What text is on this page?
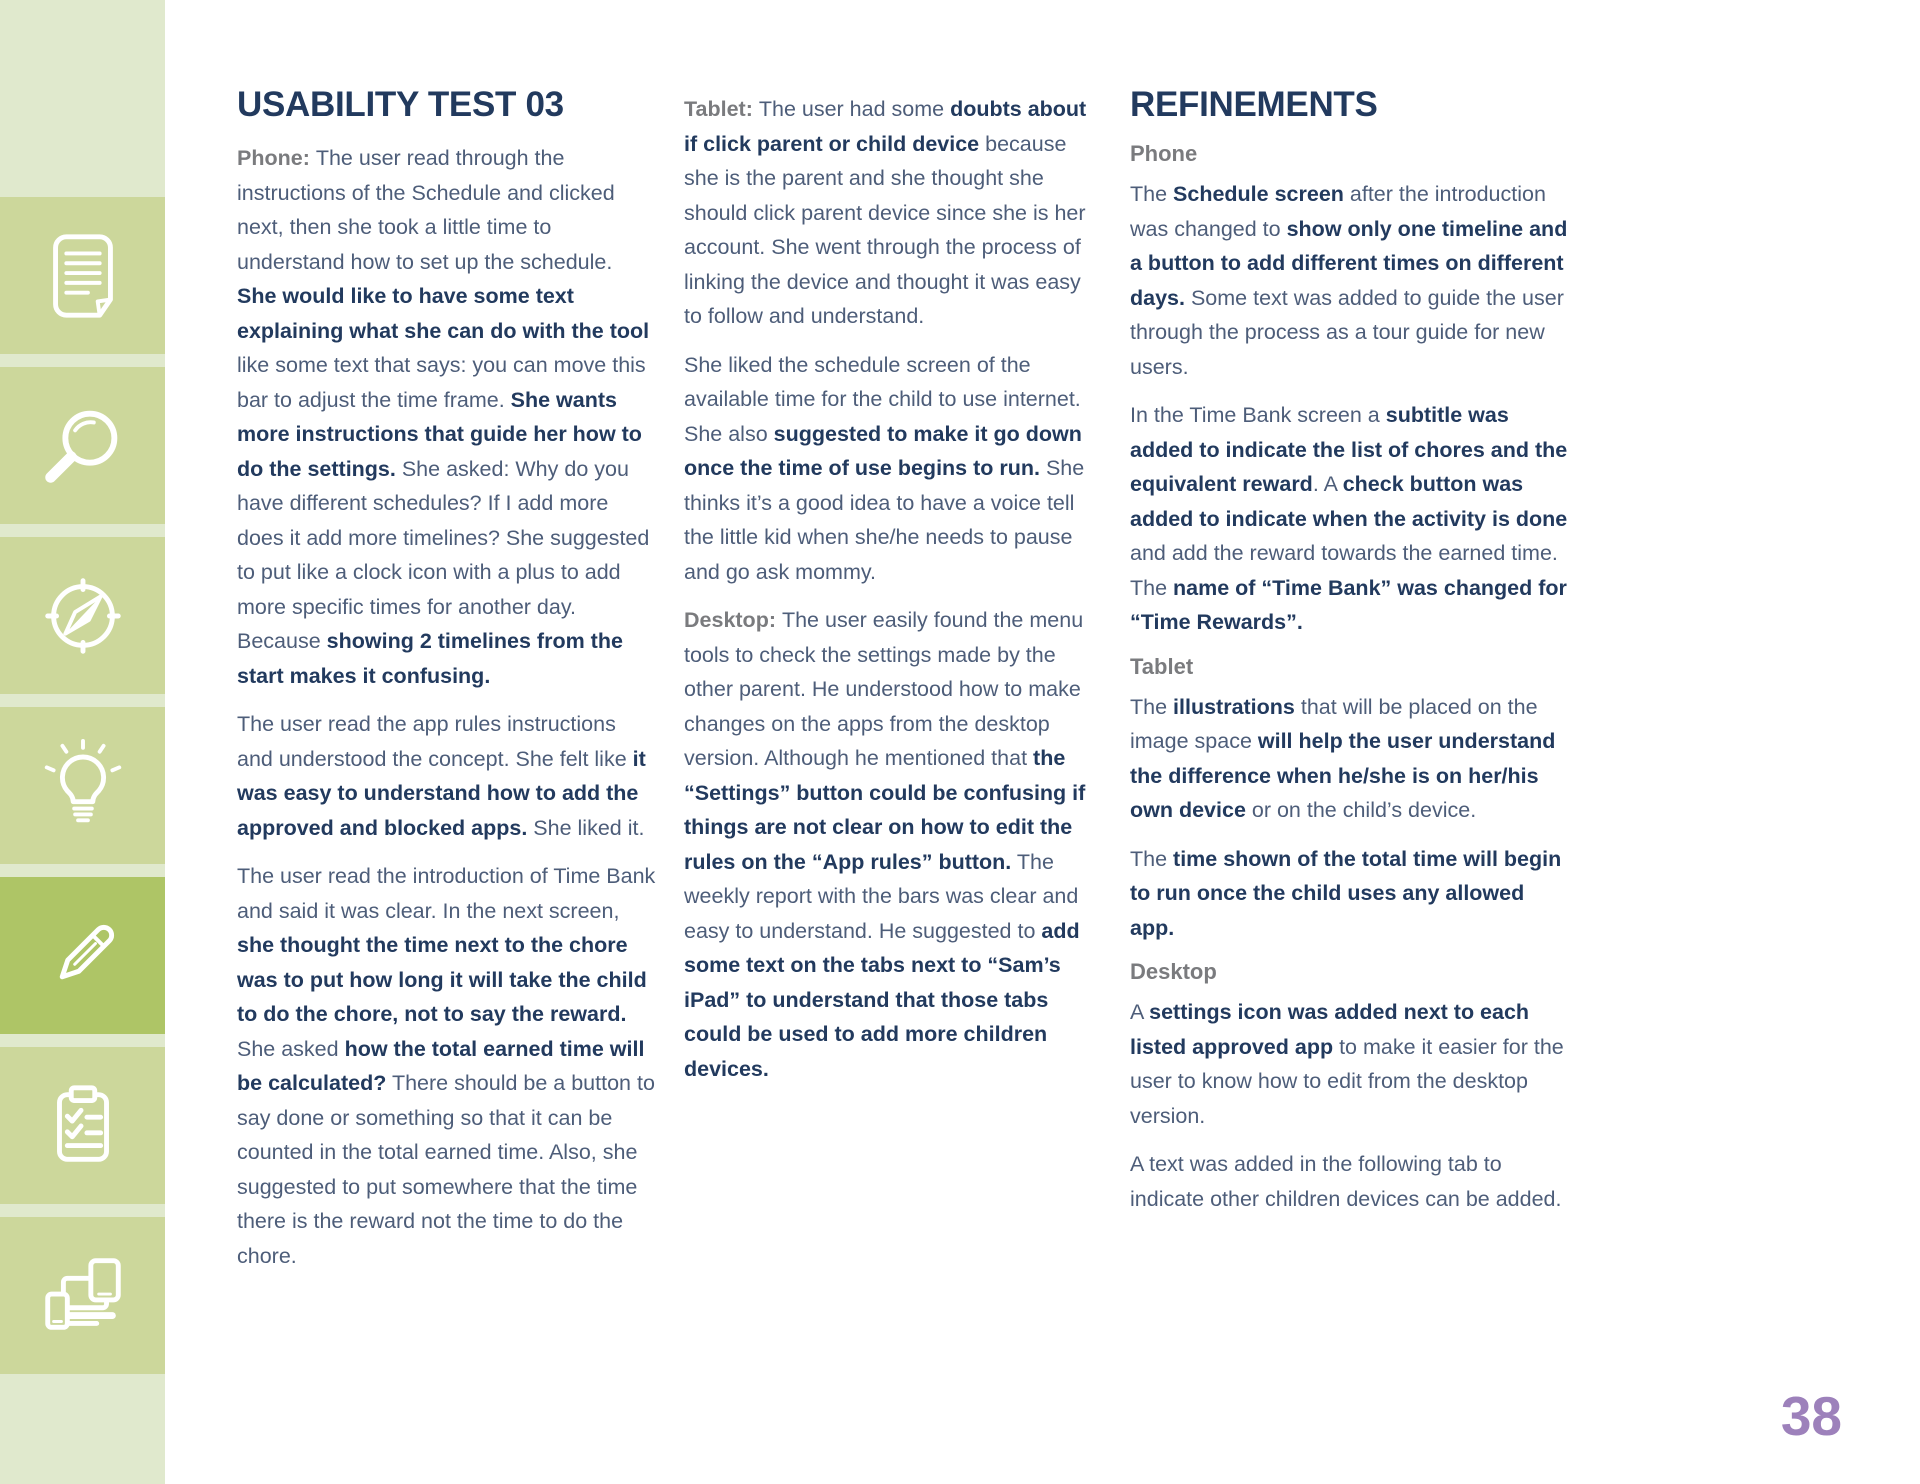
USABILITY TEST 03

Phone: The user read through the instructions of the Schedule and clicked next, then she took a little time to understand how to set up the schedule. She would like to have some text explaining what she can do with the tool like some text that says: you can move this bar to adjust the time frame. She wants more instructions that guide her how to do the settings. She asked: Why do you have different schedules? If I add more does it add more timelines? She suggested to put like a clock icon with a plus to add more specific times for another day. Because showing 2 timelines from the start makes it confusing.

The user read the app rules instructions and understood the concept. She felt like it was easy to understand how to add the approved and blocked apps. She liked it.

The user read the introduction of Time Bank and said it was clear. In the next screen, she thought the time next to the chore was to put how long it will take the child to do the chore, not to say the reward. She asked how the total earned time will be calculated? There should be a button to say done or something so that it can be counted in the total earned time. Also, she suggested to put somewhere that the time there is the reward not the time to do the chore.

Tablet: The user had some doubts about if click parent or child device because she is the parent and she thought she should click parent device since she is her account. She went through the process of linking the device and thought it was easy to follow and understand.

She liked the schedule screen of the available time for the child to use internet. She also suggested to make it go down once the time of use begins to run. She thinks it’s a good idea to have a voice tell the little kid when she/he needs to pause and go ask mommy.

Desktop: The user easily found the menu tools to check the settings made by the other parent. He understood how to make changes on the apps from the desktop version. Although he mentioned that the “Settings” button could be confusing if things are not clear on how to edit the rules on the “App rules” button. The weekly report with the bars was clear and easy to understand. He suggested to add some text on the tabs next to “Sam’s iPad” to understand that those tabs could be used to add more children devices.

REFINEMENTS
Phone

The Schedule screen after the introduction was changed to show only one timeline and a button to add different times on different days. Some text was added to guide the user through the process as a tour guide for new users.

In the Time Bank screen a subtitle was added to indicate the list of chores and the equivalent reward. A check button was added to indicate when the activity is done and add the reward towards the earned time. The name of “Time Bank” was changed for “Time Rewards”.

Tablet

The illustrations that will be placed on the image space will help the user understand the difference when he/she is on her/his own device or on the child’s device.

The time shown of the total time will begin to run once the child uses any allowed app.

Desktop

A settings icon was added next to each listed approved app to make it easier for the user to know how to edit from the desktop version.

A text was added in the following tab to indicate other children devices can be added.

38
